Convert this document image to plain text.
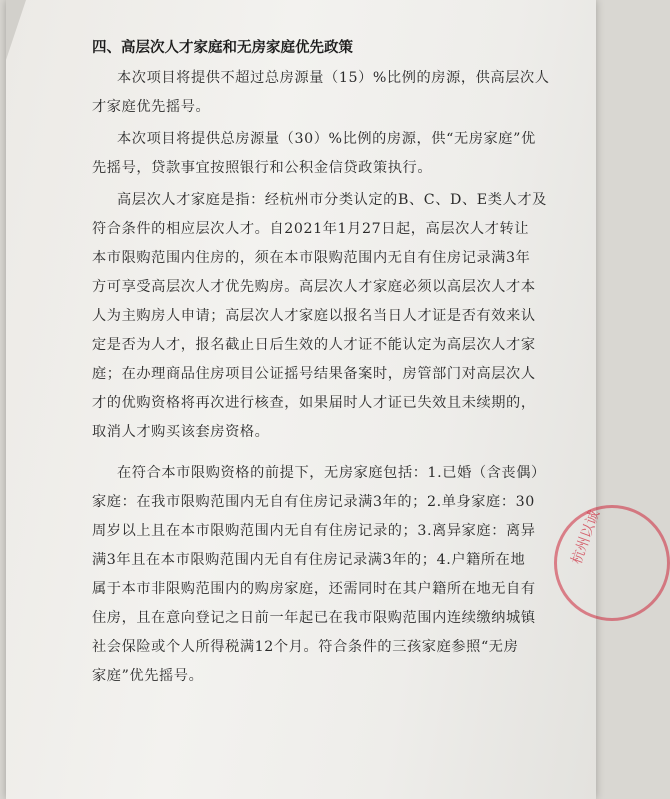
四、高层次人才家庭和无房家庭优先政策
本次项目将提供不超过总房源量（15）%比例的房源，供高层次人
才家庭优先摇号。
本次项目将提供总房源量（30）%比例的房源，供“无房家庭”优
先摇号，贷款事宜按照银行和公积金信贷政策执行。
高层次人才家庭是指：经杭州市分类认定的B、C、D、E类人才及
符合条件的相应层次人才。自2021年1月27日起，高层次人才转让
本市限购范围内住房的，须在本市限购范围内无自有住房记录满3年
方可享受高层次人才优先购房。高层次人才家庭必须以高层次人才本
人为主购房人申请；高层次人才家庭以报名当日人才证是否有效来认
定是否为人才，报名截止日后生效的人才证不能认定为高层次人才家
庭；在办理商品住房项目公证摇号结果备案时，房管部门对高层次人
才的优购资格将再次进行核查，如果届时人才证已失效且未续期的，
取消人才购买该套房资格。
在符合本市限购资格的前提下，无房家庭包括：1.已婚（含丧偶）
家庭：在我市限购范围内无自有住房记录满3年的；2.单身家庭：30
周岁以上且在本市限购范围内无自有住房记录的；3.离异家庭：离异
满3年且在本市限购范围内无自有住房记录满3年的；4.户籍所在地
属于本市非限购范围内的购房家庭，还需同时在其户籍所在地无自有
住房，且在意向登记之日前一年起已在我市限购范围内连续缴纳城镇
社会保险或个人所得税满12个月。符合条件的三孩家庭参照“无房
家庭”优先摇号。
杭州以诚
